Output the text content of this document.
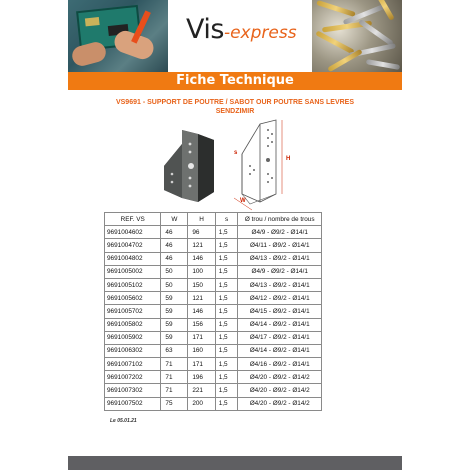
Vis-express
Fiche Technique
VS9691 - SUPPORT DE POUTRE / SABOT OUR POUTRE SANS LEVRES
SENDZIMIR
s
H
W
REF. VS	W	H	s	Ø trou / nombre de trous
9691004602	46	96	1,5	Ø4/9 - Ø9/2 - Ø14/1
9691004702	46	121	1,5	Ø4/11 - Ø9/2 - Ø14/1
9691004802	46	146	1,5	Ø4/13 - Ø9/2 - Ø14/1
9691005002	50	100	1,5	Ø4/9 - Ø9/2 - Ø14/1
9691005102	50	150	1,5	Ø4/13 - Ø9/2 - Ø14/1
9691005602	59	121	1,5	Ø4/12 - Ø9/2 - Ø14/1
9691005702	59	146	1,5	Ø4/15 - Ø9/2 - Ø14/1
9691005802	59	156	1,5	Ø4/14 - Ø9/2 - Ø14/1
9691005902	59	171	1,5	Ø4/17 - Ø9/2 - Ø14/1
9691006302	63	160	1,5	Ø4/14 - Ø9/2 - Ø14/1
9691007102	71	171	1,5	Ø4/16 - Ø9/2 - Ø14/1
9691007202	71	196	1,5	Ø4/20 - Ø9/2 - Ø14/2
9691007302	71	221	1,5	Ø4/20 - Ø9/2 - Ø14/2
9691007502	75	200	1,5	Ø4/20 - Ø9/2 - Ø14/2
Le 05.01.21
